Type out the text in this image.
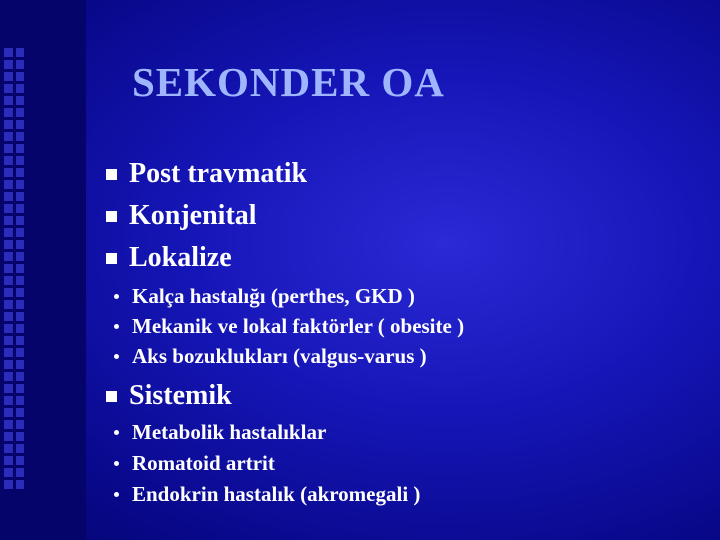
SEKONDER OA
Post travmatik
Konjenital
Lokalize
Kalça hastalığı (perthes, GKD )
Mekanik ve lokal faktörler ( obesite )
Aks bozuklukları (valgus-varus )
Sistemik
Metabolik hastalıklar
Romatoid artrit
Endokrin hastalık (akromegali )
